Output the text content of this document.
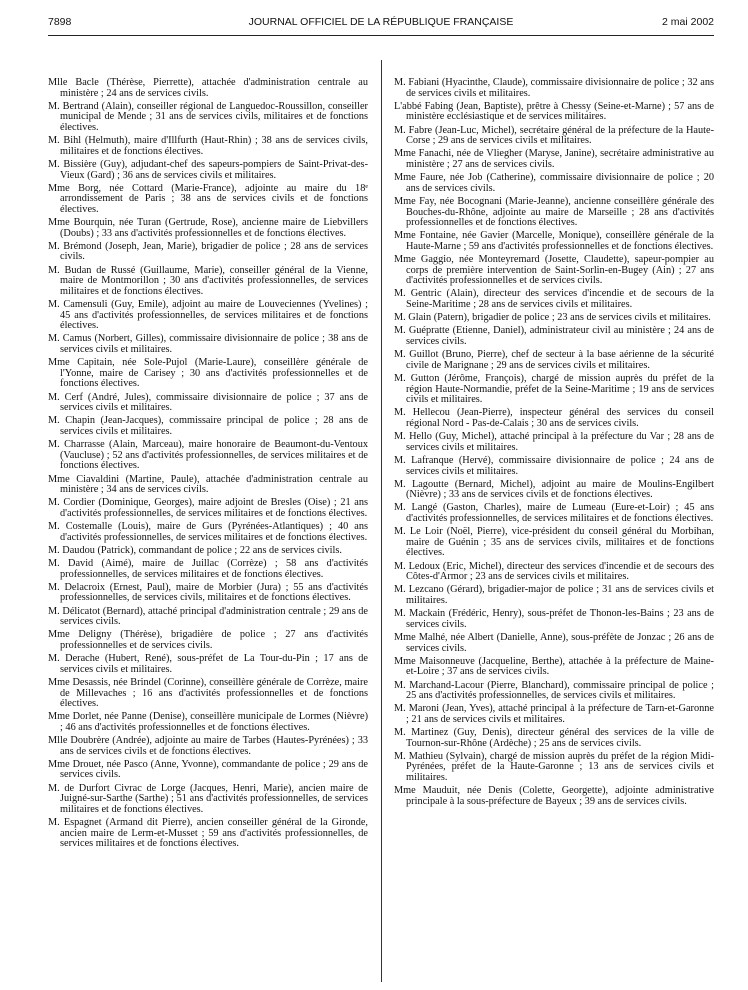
7898	JOURNAL OFFICIEL DE LA RÉPUBLIQUE FRANÇAISE	2 mai 2002

Mlle Bacle (Thérèse, Pierrette), attachée d'administration centrale au ministère ; 24 ans de services civils.

M. Bertrand (Alain), conseiller régional de Languedoc-Roussillon, conseiller municipal de Mende ; 31 ans de services civils, militaires et de fonctions électives.

M. Bihl (Helmuth), maire d'Illfurth (Haut-Rhin) ; 38 ans de services civils, militaires et de fonctions électives.

M. Bissière (Guy), adjudant-chef des sapeurs-pompiers de Saint-Privat-des-Vieux (Gard) ; 36 ans de services civils et militaires.

Mme Borg, née Cottard (Marie-France), adjointe au maire du 18ᵉ arrondissement de Paris ; 38 ans de services civils et de fonctions électives.

Mme Bourquin, née Turan (Gertrude, Rose), ancienne maire de Liebvillers (Doubs) ; 33 ans d'activités professionnelles et de fonctions électives.

M. Brémond (Joseph, Jean, Marie), brigadier de police ; 28 ans de services civils.

M. Budan de Russé (Guillaume, Marie), conseiller général de la Vienne, maire de Montmorillon ; 30 ans d'activités professionnelles, de services militaires et de fonctions électives.

M. Camensuli (Guy, Emile), adjoint au maire de Louveciennes (Yvelines) ; 45 ans d'activités professionnelles, de services militaires et de fonctions électives.

M. Camus (Norbert, Gilles), commissaire divisionnaire de police ; 38 ans de services civils et militaires.

Mme Capitain, née Sole-Pujol (Marie-Laure), conseillère générale de l'Yonne, maire de Carisey ; 30 ans d'activités professionnelles et de fonctions électives.

M. Cerf (André, Jules), commissaire divisionnaire de police ; 37 ans de services civils et militaires.

M. Chapin (Jean-Jacques), commissaire principal de police ; 28 ans de services civils et militaires.

M. Charrasse (Alain, Marceau), maire honoraire de Beaumont-du-Ventoux (Vaucluse) ; 52 ans d'activités professionnelles, de services militaires et de fonctions électives.

Mme Ciavaldini (Martine, Paule), attachée d'administration centrale au ministère ; 34 ans de services civils.

M. Cordier (Dominique, Georges), maire adjoint de Bresles (Oise) ; 21 ans d'activités professionnelles, de services militaires et de fonctions électives.

M. Costemalle (Louis), maire de Gurs (Pyrénées-Atlantiques) ; 40 ans d'activités professionnelles, de services militaires et de fonctions électives.

M. Daudou (Patrick), commandant de police ; 22 ans de services civils.

M. David (Aimé), maire de Juillac (Corrèze) ; 58 ans d'activités professionnelles, de services militaires et de fonctions électives.

M. Delacroix (Ernest, Paul), maire de Morbier (Jura) ; 55 ans d'activités professionnelles, de services civils, militaires et de fonctions électives.

M. Délicatot (Bernard), attaché principal d'administration centrale ; 29 ans de services civils.

Mme Deligny (Thérèse), brigadière de police ; 27 ans d'activités professionnelles et de services civils.

M. Derache (Hubert, René), sous-préfet de La Tour-du-Pin ; 17 ans de services civils et militaires.

Mme Desassis, née Brindel (Corinne), conseillère générale de Corrèze, maire de Millevaches ; 16 ans d'activités professionnelles et de fonctions électives.

Mme Dorlet, née Panne (Denise), conseillère municipale de Lormes (Nièvre) ; 46 ans d'activités professionnelles et de fonctions électives.

Mlle Doubrère (Andrée), adjointe au maire de Tarbes (Hautes-Pyrénées) ; 33 ans de services civils et de fonctions électives.

Mme Drouet, née Pasco (Anne, Yvonne), commandante de police ; 29 ans de services civils.

M. de Durfort Civrac de Lorge (Jacques, Henri, Marie), ancien maire de Juigné-sur-Sarthe (Sarthe) ; 51 ans d'activités professionnelles, de services militaires et de fonctions électives.

M. Espagnet (Armand dit Pierre), ancien conseiller général de la Gironde, ancien maire de Lerm-et-Musset ; 59 ans d'activités professionnelles, de services militaires et de fonctions électives.

M. Fabiani (Hyacinthe, Claude), commissaire divisionnaire de police ; 32 ans de services civils et militaires.

L'abbé Fabing (Jean, Baptiste), prêtre à Chessy (Seine-et-Marne) ; 57 ans de ministère ecclésiastique et de services militaires.

M. Fabre (Jean-Luc, Michel), secrétaire général de la préfecture de la Haute-Corse ; 29 ans de services civils et militaires.

Mme Fanachi, née de Vliegher (Maryse, Janine), secrétaire administrative au ministère ; 27 ans de services civils.

Mme Faure, née Job (Catherine), commissaire divisionnaire de police ; 20 ans de services civils.

Mme Fay, née Bocognani (Marie-Jeanne), ancienne conseillère générale des Bouches-du-Rhône, adjointe au maire de Marseille ; 28 ans d'activités professionnelles et de fonctions électives.

Mme Fontaine, née Gavier (Marcelle, Monique), conseillère générale de la Haute-Marne ; 59 ans d'activités professionnelles et de fonctions électives.

Mme Gaggio, née Monteyremard (Josette, Claudette), sapeur-pompier au corps de première intervention de Saint-Sorlin-en-Bugey (Ain) ; 27 ans d'activités professionnelles et de services civils.

M. Gentric (Alain), directeur des services d'incendie et de secours de la Seine-Maritime ; 28 ans de services civils et militaires.

M. Glain (Patern), brigadier de police ; 23 ans de services civils et militaires.

M. Guépratte (Etienne, Daniel), administrateur civil au ministère ; 24 ans de services civils.

M. Guillot (Bruno, Pierre), chef de secteur à la base aérienne de la sécurité civile de Marignane ; 29 ans de services civils et militaires.

M. Gutton (Jérôme, François), chargé de mission auprès du préfet de la région Haute-Normandie, préfet de la Seine-Maritime ; 19 ans de services civils et militaires.

M. Hellecou (Jean-Pierre), inspecteur général des services du conseil régional Nord - Pas-de-Calais ; 30 ans de services civils.

M. Hello (Guy, Michel), attaché principal à la préfecture du Var ; 28 ans de services civils et militaires.

M. Lafranque (Hervé), commissaire divisionnaire de police ; 24 ans de services civils et militaires.

M. Lagoutte (Bernard, Michel), adjoint au maire de Moulins-Engilbert (Nièvre) ; 33 ans de services civils et de fonctions électives.

M. Langé (Gaston, Charles), maire de Lumeau (Eure-et-Loir) ; 45 ans d'activités professionnelles, de services militaires et de fonctions électives.

M. Le Loir (Noël, Pierre), vice-président du conseil général du Morbihan, maire de Guénin ; 35 ans de services civils, militaires et de fonctions électives.

M. Ledoux (Eric, Michel), directeur des services d'incendie et de secours des Côtes-d'Armor ; 23 ans de services civils et militaires.

M. Lezcano (Gérard), brigadier-major de police ; 31 ans de services civils et militaires.

M. Mackain (Frédéric, Henry), sous-préfet de Thonon-les-Bains ; 23 ans de services civils.

Mme Malhé, née Albert (Danielle, Anne), sous-préfète de Jonzac ; 26 ans de services civils.

Mme Maisonneuve (Jacqueline, Berthe), attachée à la préfecture de Maine-et-Loire ; 37 ans de services civils.

M. Marchand-Lacour (Pierre, Blanchard), commissaire principal de police ; 25 ans d'activités professionnelles, de services civils et militaires.

M. Maroni (Jean, Yves), attaché principal à la préfecture de Tarn-et-Garonne ; 21 ans de services civils et militaires.

M. Martinez (Guy, Denis), directeur général des services de la ville de Tournon-sur-Rhône (Ardèche) ; 25 ans de services civils.

M. Mathieu (Sylvain), chargé de mission auprès du préfet de la région Midi-Pyrénées, préfet de la Haute-Garonne ; 13 ans de services civils et militaires.

Mme Mauduit, née Denis (Colette, Georgette), adjointe administrative principale à la sous-préfecture de Bayeux ; 39 ans de services civils.
